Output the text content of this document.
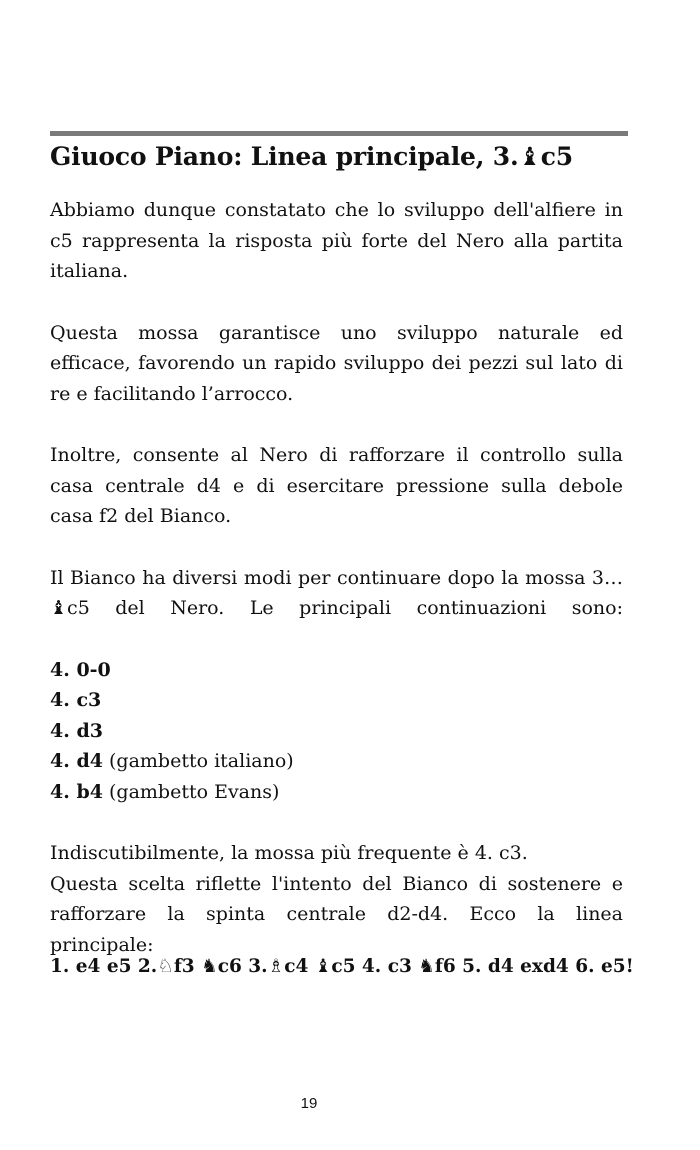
Giuoco Piano: Linea principale, 3.♝c5

Abbiamo dunque constatato che lo sviluppo dell'alfiere in c5 rappresenta la risposta più forte del Nero alla partita italiana.

Questa mossa garantisce uno sviluppo naturale ed efficace, favorendo un rapido sviluppo dei pezzi sul lato di re e facilitando l’arrocco.

Inoltre, consente al Nero di rafforzare il controllo sulla casa centrale d4 e di esercitare pressione sulla debole casa f2 del Bianco.

Il Bianco ha diversi modi per continuare dopo la mossa 3…♝c5 del Nero. Le principali continuazioni sono:

4. 0-0
4. c3
4. d3
4. d4 (gambetto italiano)
4. b4 (gambetto Evans)

Indiscutibilmente, la mossa più frequente è 4. c3.
Questa scelta riflette l'intento del Bianco di sostenere e rafforzare la spinta centrale d2-d4. Ecco la linea principale:

1. e4 e5 2.♘f3 ♞c6 3.♗c4 ♝c5 4. c3 ♞f6 5. d4 exd4 6. e5!
19
